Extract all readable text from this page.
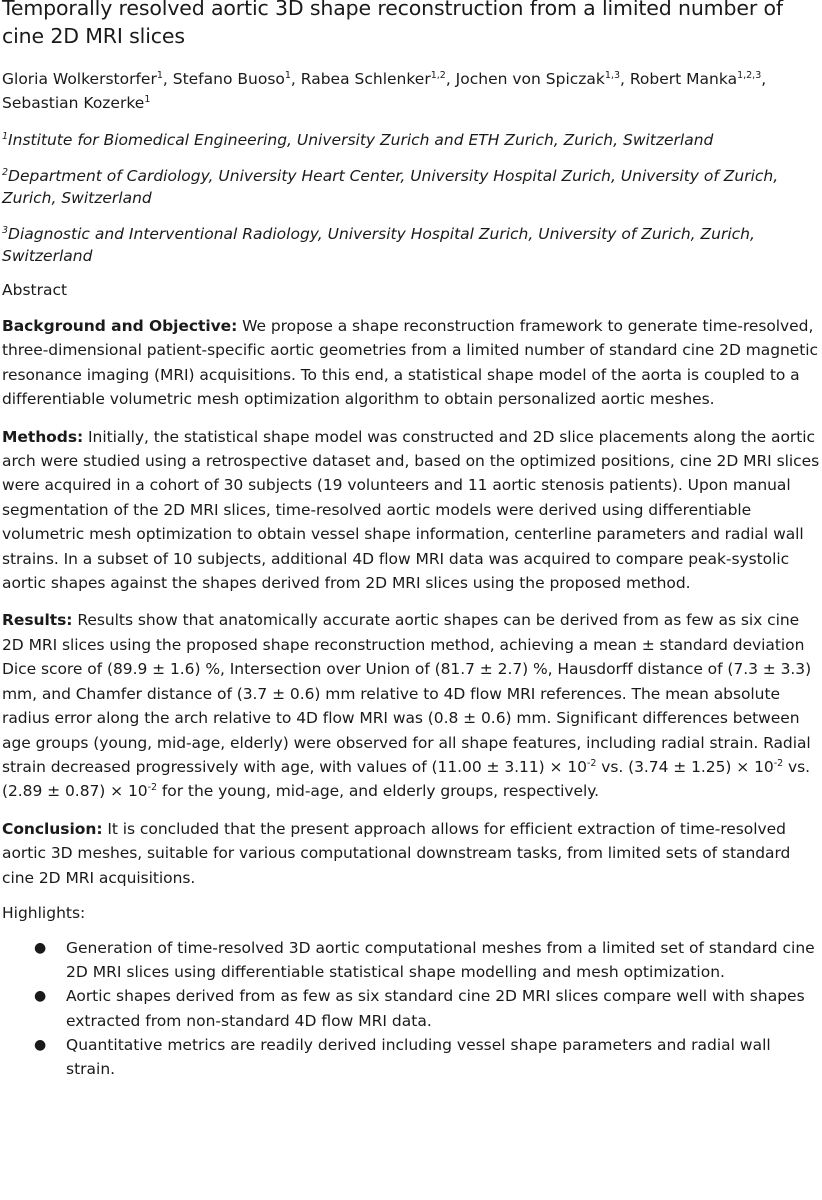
Temporally resolved aortic 3D shape reconstruction from a limited number of cine 2D MRI slices

Gloria Wolkerstorfer$^1$, Stefano Buoso$^1$, Rabea Schlenker$^{1,2}$, Jochen von Spiczak$^{1,3}$, Robert Manka$^{1,2,3}$, Sebastian Kozerke$^1$

$^1$Institute for Biomedical Engineering, University Zurich and ETH Zurich, Zurich, Switzerland

$^2$Department of Cardiology, University Heart Center, University Hospital Zurich, University of Zurich, Zurich, Switzerland

$^3$Diagnostic and Interventional Radiology, University Hospital Zurich, University of Zurich, Zurich, Switzerland

Abstract

Background and Objective: We propose a shape reconstruction framework to generate time-resolved, three-dimensional patient-specific aortic geometries from a limited number of standard cine 2D magnetic resonance imaging (MRI) acquisitions. To this end, a statistical shape model of the aorta is coupled to a differentiable volumetric mesh optimization algorithm to obtain personalized aortic meshes.

Methods: Initially, the statistical shape model was constructed and 2D slice placements along the aortic arch were studied using a retrospective dataset and, based on the optimized positions, cine 2D MRI slices were acquired in a cohort of 30 subjects (19 volunteers and 11 aortic stenosis patients). Upon manual segmentation of the 2D MRI slices, time-resolved aortic models were derived using differentiable volumetric mesh optimization to obtain vessel shape information, centerline parameters and radial wall strains. In a subset of 10 subjects, additional 4D flow MRI data was acquired to compare peak-systolic aortic shapes against the shapes derived from 2D MRI slices using the proposed method.

Results: Results show that anatomically accurate aortic shapes can be derived from as few as six cine 2D MRI slices using the proposed shape reconstruction method, achieving a mean ± standard deviation Dice score of (89.9 ± 1.6) %, Intersection over Union of (81.7 ± 2.7) %, Hausdorff distance of (7.3 ± 3.3) mm, and Chamfer distance of (3.7 ± 0.6) mm relative to 4D flow MRI references. The mean absolute radius error along the arch relative to 4D flow MRI was (0.8 ± 0.6) mm. Significant differences between age groups (young, mid-age, elderly) were observed for all shape features, including radial strain. Radial strain decreased progressively with age, with values of $(11.00 \pm 3.11) \times 10^{-2}$ vs. $(3.74 \pm 1.25) \times 10^{-2}$ vs. $(2.89 \pm 0.87) \times 10^{-2}$ for the young, mid-age, and elderly groups, respectively.

Conclusion: It is concluded that the present approach allows for efficient extraction of time-resolved aortic 3D meshes, suitable for various computational downstream tasks, from limited sets of standard cine 2D MRI acquisitions.

Highlights:

● Generation of time-resolved 3D aortic computational meshes from a limited set of standard cine 2D MRI slices using differentiable statistical shape modelling and mesh optimization.
● Aortic shapes derived from as few as six standard cine 2D MRI slices compare well with shapes extracted from non-standard 4D flow MRI data.
● Quantitative metrics are readily derived including vessel shape parameters and radial wall strain.
